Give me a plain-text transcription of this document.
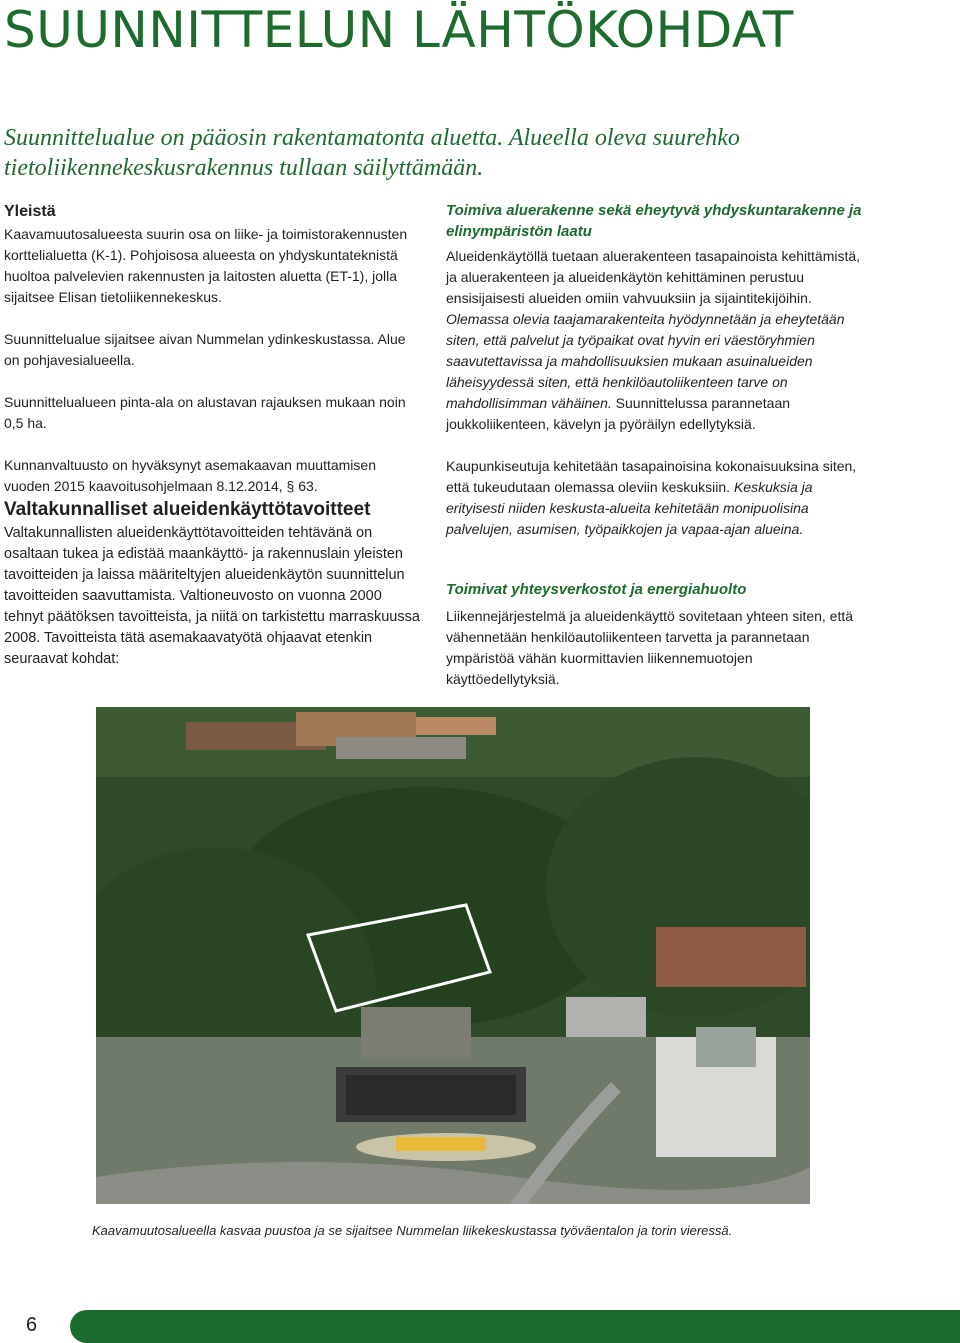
SUUNNITTELUN LÄHTÖKOHDAT

Suunnittelualue on pääosin rakentamatonta aluetta. Alueella oleva suurehko tietoliikennekeskusrakennus tullaan säilyttämään.

Yleistä

Kaavamuutosalueesta suurin osa on liike- ja toimistorakennusten korttelialuetta (K-1). Pohjoisosa alueesta on yhdyskuntateknistä huoltoa palvelevien rakennusten ja laitosten aluetta (ET-1), jolla sijaitsee Elisan tietoliikennekeskus.

Suunnittelualue sijaitsee aivan Nummelan ydinkeskustassa. Alue on pohjavesialueella.

Suunnittelualueen pinta-ala on alustavan rajauksen mukaan noin 0,5 ha.

Kunnanvaltuusto on hyväksynyt asemakaavan muuttamisen vuoden 2015 kaavoitusohjelmaan 8.12.2014, § 63.

Valtakunnalliset alueidenkäyttötavoitteet

Valtakunnallisten alueidenkäyttötavoitteiden tehtävänä on osaltaan tukea ja edistää maankäyttö- ja rakennuslain yleisten tavoitteiden ja laissa määriteltyjen alueidenkäytön suunnittelun tavoitteiden saavuttamista. Valtioneuvosto on vuonna 2000 tehnyt päätöksen tavoitteista, ja niitä on tarkistettu marraskuussa 2008. Tavoitteista tätä asemakaavatyötä ohjaavat etenkin seuraavat kohdat:

Toimiva aluerakenne sekä eheytyvä yhdyskuntarakenne ja elinympäristön laatu

Alueidenkäytöllä tuetaan aluerakenteen tasapainoista kehittämistä, ja aluerakenteen ja alueidenkäytön kehittäminen perustuu ensisijaisesti alueiden omiin vahvuuksiin ja sijaintitekijöihin. Olemassa olevia taajamarakenteita hyödynnetään ja eheytetään siten, että palvelut ja työpaikat ovat hyvin eri väestöryhmien saavutettavissa ja mahdollisuuksien mukaan asuinalueiden läheisyydessä siten, että henkilöautoliikenteen tarve on mahdollisimman vähäinen. Suunnittelussa parannetaan joukkoliikenteen, kävelyn ja pyöräilyn edellytyksiä.

Kaupunkiseutuja kehitetään tasapainoisina kokonaisuuksina siten, että tukeudutaan olemassa oleviin keskuksiin. Keskuksia ja erityisesti niiden keskusta-alueita kehitetään monipuolisina palvelujen, asumisen, työpaikkojen ja vapaa-ajan alueina.

Toimivat yhteysverkostot ja energiahuolto

Liikennejärjestelmä ja alueidenkäyttö sovitetaan yhteen siten, että vähennetään henkilöautoliikenteen tarvetta ja parannetaan ympäristöä vähän kuormittavien liikennemuotojen käyttöedellytyksiä.

Kaavamuutosalueella kasvaa puustoa ja se sijaitsee Nummelan liikekeskustassa työväentalon ja torin vieressä.
6
